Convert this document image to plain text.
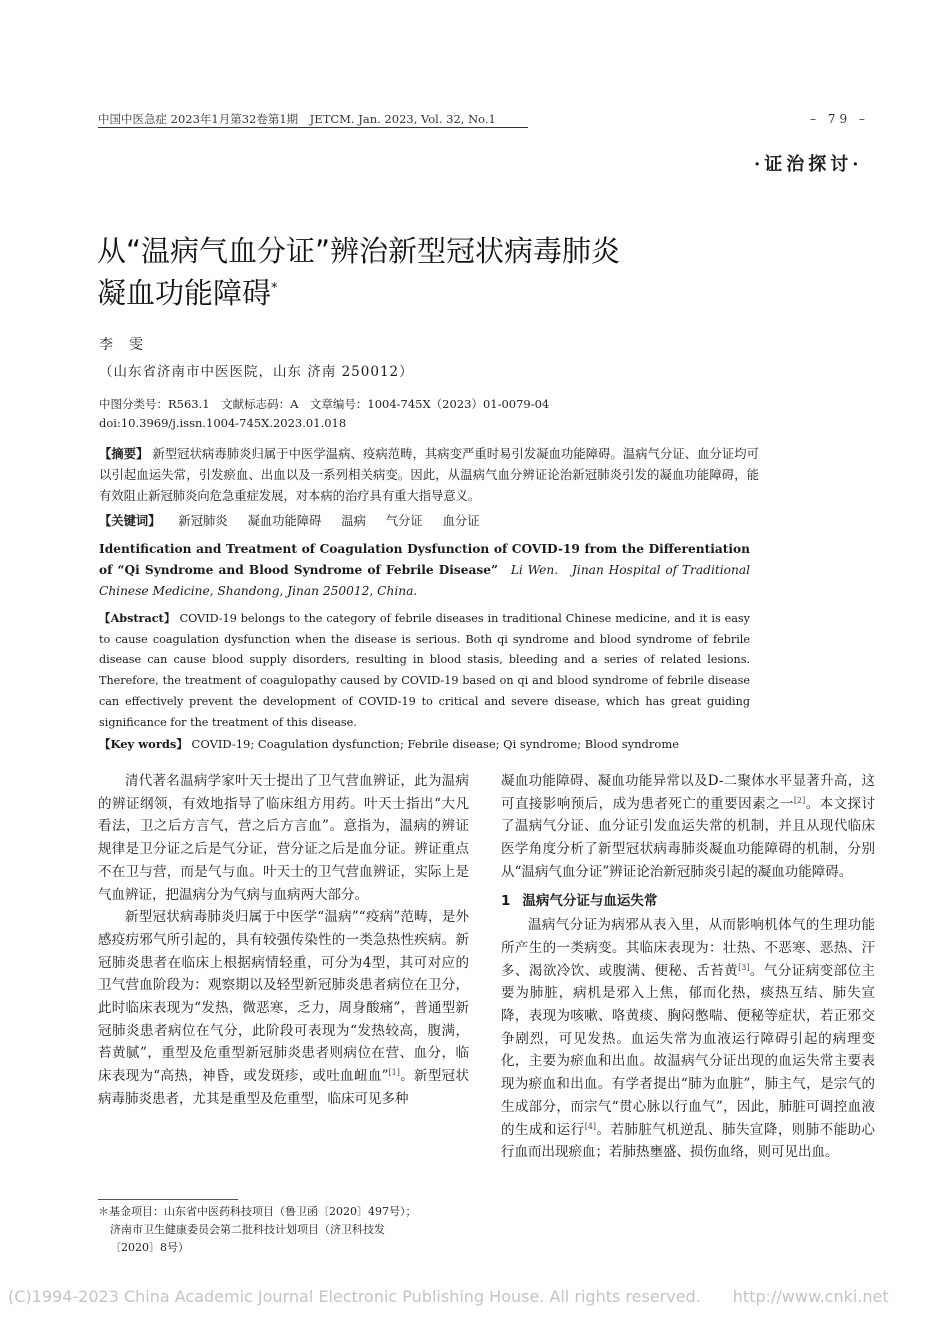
中国中医急症 2023年1月第32卷第1期　JETCM. Jan. 2023, Vol. 32, No.1	– 79 –
·证治探讨·
从“温病气血分证”辨治新型冠状病毒肺炎
凝血功能障碍*
李雯
（山东省济南市中医医院，山东 济南 250012）
中图分类号：R563.1　文献标志码：A　文章编号：1004-745X（2023）01-0079-04
doi:10.3969/j.issn.1004-745X.2023.01.018
【摘要】 新型冠状病毒肺炎归属于中医学温病、疫病范畴，其病变严重时易引发凝血功能障碍。温病气分证、血分证均可以引起血运失常，引发瘀血、出血以及一系列相关病变。因此，从温病气血分辨证论治新冠肺炎引发的凝血功能障碍，能有效阻止新冠肺炎向危急重症发展，对本病的治疗具有重大指导意义。
【关键词】 新冠肺炎 凝血功能障碍 温病 气分证 血分证
Identification and Treatment of Coagulation Dysfunction of COVID-19 from the Differentiation of “Qi Syndrome and Blood Syndrome of Febrile Disease” Li Wen.　Jinan Hospital of Traditional Chinese Medicine, Shandong, Jinan 250012, China.
【Abstract】 COVID-19 belongs to the category of febrile diseases in traditional Chinese medicine, and it is easy to cause coagulation dysfunction when the disease is serious. Both qi syndrome and blood syndrome of febrile disease can cause blood supply disorders, resulting in blood stasis, bleeding and a series of related lesions. Therefore, the treatment of coagulopathy caused by COVID-19 based on qi and blood syndrome of febrile disease can effectively prevent the development of COVID-19 to critical and severe disease, which has great guiding significance for the treatment of this disease.
【Key words】 COVID-19; Coagulation dysfunction; Febrile disease; Qi syndrome; Blood syndrome

清代著名温病学家叶天士提出了卫气营血辨证，此为温病的辨证纲领，有效地指导了临床组方用药。叶天士指出“大凡看法，卫之后方言气，营之后方言血”。意指为，温病的辨证规律是卫分证之后是气分证，营分证之后是血分证。辨证重点不在卫与营，而是气与血。叶天士的卫气营血辨证，实际上是气血辨证，把温病分为气病与血病两大部分。

新型冠状病毒肺炎归属于中医学“温病”“疫病”范畴，是外感疫疠邪气所引起的，具有较强传染性的一类急热性疾病。新冠肺炎患者在临床上根据病情轻重，可分为4型，其可对应的卫气营血阶段为：观察期以及轻型新冠肺炎患者病位在卫分，此时临床表现为“发热，微恶寒，乏力，周身酸痛”，普通型新冠肺炎患者病位在气分，此阶段可表现为“发热较高，腹满，苔黄腻”，重型及危重型新冠肺炎患者则病位在营、血分，临床表现为“高热，神昏，或发斑疹，或吐血衄血”[1]。新型冠状病毒肺炎患者，尤其是重型及危重型，临床可见多种

凝血功能障碍、凝血功能异常以及D-二聚体水平显著升高，这可直接影响预后，成为患者死亡的重要因素之一[2]。本文探讨了温病气分证、血分证引发血运失常的机制，并且从现代临床医学角度分析了新型冠状病毒肺炎凝血功能障碍的机制，分别从“温病气血分证”辨证论治新冠肺炎引起的凝血功能障碍。

1 温病气分证与血运失常

温病气分证为病邪从表入里，从而影响机体气的生理功能所产生的一类病变。其临床表现为：壮热、不恶寒、恶热、汗多、渴欲冷饮、或腹满、便秘、舌苔黄[3]。气分证病变部位主要为肺脏，病机是邪入上焦，郁而化热，痰热互结、肺失宣降，表现为咳嗽、咯黄痰、胸闷憋喘、便秘等症状，若正邪交争剧烈，可见发热。血运失常为血液运行障碍引起的病理变化，主要为瘀血和出血。故温病气分证出现的血运失常主要表现为瘀血和出血。有学者提出“肺为血脏”，肺主气，是宗气的生成部分，而宗气“贯心脉以行血气”，因此，肺脏可调控血液的生成和运行[4]。若肺脏气机逆乱、肺失宣降，则肺不能助心行血而出现瘀血；若肺热壅盛、损伤血络，则可见出血。

＊基金项目：山东省中医药科技项目（鲁卫函〔2020〕497号）；
济南市卫生健康委员会第二批科技计划项目（济卫科技发
〔2020〕8号）
(C)1994-2023 China Academic Journal Electronic Publishing House. All rights reserved.　　http://www.cnki.net
